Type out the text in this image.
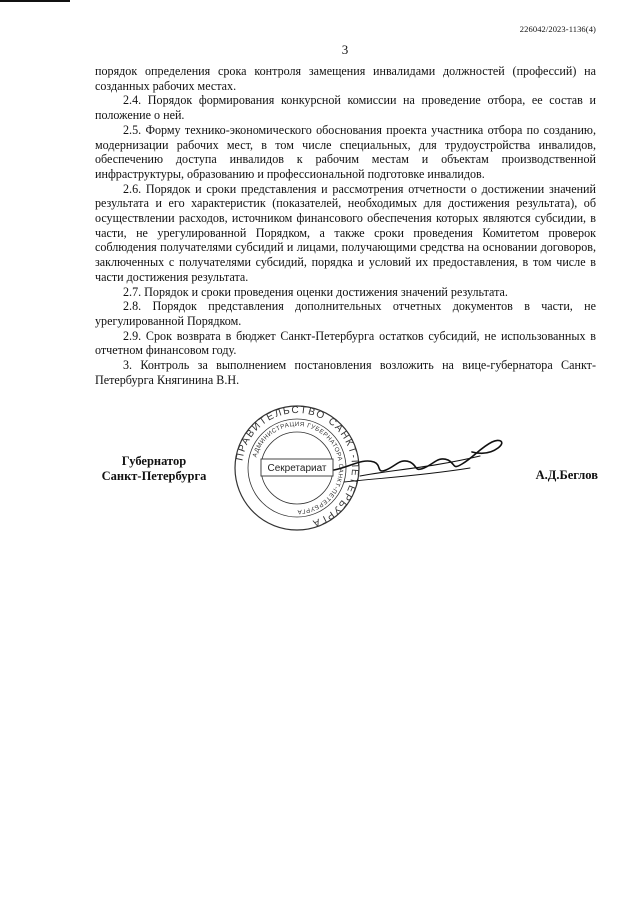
226042/2023-1136(4)
3

порядок определения срока контроля замещения инвалидами должностей (профессий) на созданных рабочих местах.

2.4. Порядок формирования конкурсной комиссии на проведение отбора, ее состав и положение о ней.

2.5. Форму технико-экономического обоснования проекта участника отбора по созданию, модернизации рабочих мест, в том числе специальных, для трудоустройства инвалидов, обеспечению доступа инвалидов к рабочим местам и объектам производственной инфраструктуры, образованию и профессиональной подготовке инвалидов.

2.6. Порядок и сроки представления и рассмотрения отчетности о достижении значений результата и его характеристик (показателей, необходимых для достижения результата), об осуществлении расходов, источником финансового обеспечения которых являются субсидии, в части, не урегулированной Порядком, а также сроки проведения Комитетом проверок соблюдения получателями субсидий и лицами, получающими средства на основании договоров, заключенных с получателями субсидий, порядка и условий их предоставления, в том числе в части достижения результата.

2.7. Порядок и сроки проведения оценки достижения значений результата.

2.8. Порядок представления дополнительных отчетных документов в части, не урегулированной Порядком.

2.9. Срок возврата в бюджет Санкт-Петербурга остатков субсидий, не использованных в отчетном финансовом году.

3. Контроль за выполнением постановления возложить на вице-губернатора Санкт-Петербурга Княгинина В.Н.

Губернатор
Санкт-Петербурга
ПРАВИТЕЛЬСТВО САНКТ-ПЕТЕРБУРГА
АДМИНИСТРАЦИЯ ГУБЕРНАТОРА САНКТ-ПЕТЕРБУРГА
Секретариат	А.Д.Беглов
